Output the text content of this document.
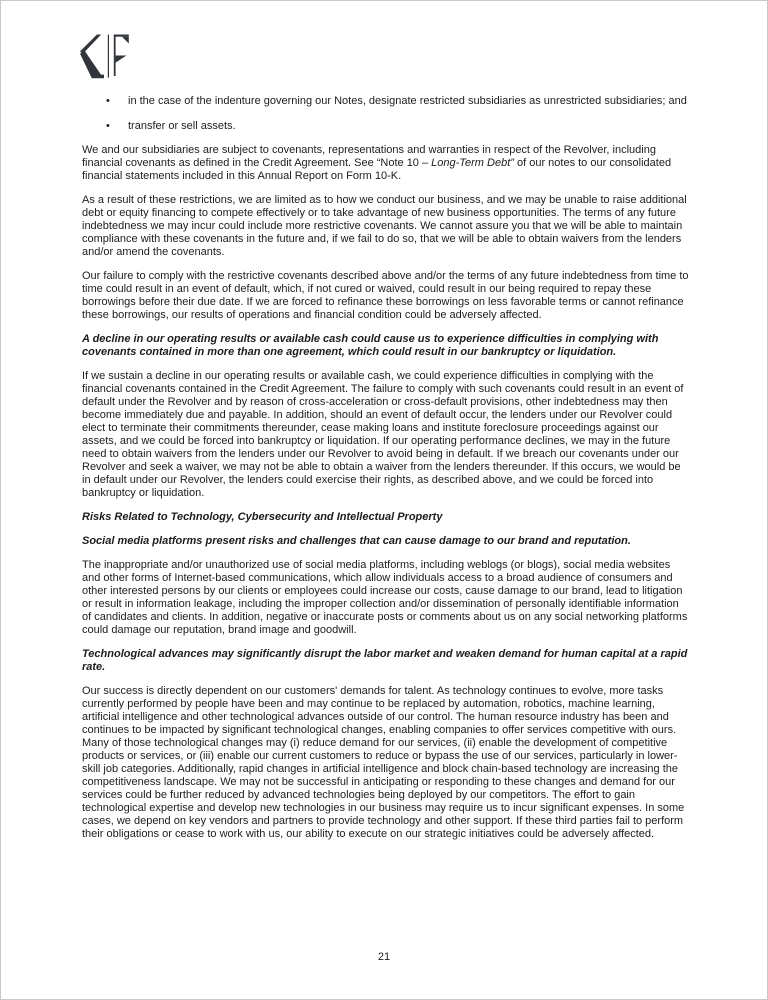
• in the case of the indenture governing our Notes, designate restricted subsidiaries as unrestricted subsidiaries; and
• transfer or sell assets.

We and our subsidiaries are subject to covenants, representations and warranties in respect of the Revolver, including financial covenants as defined in the Credit Agreement. See “Note 10 – Long-Term Debt” of our notes to our consolidated financial statements included in this Annual Report on Form 10-K.

As a result of these restrictions, we are limited as to how we conduct our business, and we may be unable to raise additional debt or equity financing to compete effectively or to take advantage of new business opportunities. The terms of any future indebtedness we may incur could include more restrictive covenants. We cannot assure you that we will be able to maintain compliance with these covenants in the future and, if we fail to do so, that we will be able to obtain waivers from the lenders and/or amend the covenants.

Our failure to comply with the restrictive covenants described above and/or the terms of any future indebtedness from time to time could result in an event of default, which, if not cured or waived, could result in our being required to repay these borrowings before their due date. If we are forced to refinance these borrowings on less favorable terms or cannot refinance these borrowings, our results of operations and financial condition could be adversely affected.

A decline in our operating results or available cash could cause us to experience difficulties in complying with covenants contained in more than one agreement, which could result in our bankruptcy or liquidation.

If we sustain a decline in our operating results or available cash, we could experience difficulties in complying with the financial covenants contained in the Credit Agreement. The failure to comply with such covenants could result in an event of default under the Revolver and by reason of cross-acceleration or cross-default provisions, other indebtedness may then become immediately due and payable. In addition, should an event of default occur, the lenders under our Revolver could elect to terminate their commitments thereunder, cease making loans and institute foreclosure proceedings against our assets, and we could be forced into bankruptcy or liquidation. If our operating performance declines, we may in the future need to obtain waivers from the lenders under our Revolver to avoid being in default. If we breach our covenants under our Revolver and seek a waiver, we may not be able to obtain a waiver from the lenders thereunder. If this occurs, we would be in default under our Revolver, the lenders could exercise their rights, as described above, and we could be forced into bankruptcy or liquidation.

Risks Related to Technology, Cybersecurity and Intellectual Property

Social media platforms present risks and challenges that can cause damage to our brand and reputation.

The inappropriate and/or unauthorized use of social media platforms, including weblogs (or blogs), social media websites and other forms of Internet-based communications, which allow individuals access to a broad audience of consumers and other interested persons by our clients or employees could increase our costs, cause damage to our brand, lead to litigation or result in information leakage, including the improper collection and/or dissemination of personally identifiable information of candidates and clients. In addition, negative or inaccurate posts or comments about us on any social networking platforms could damage our reputation, brand image and goodwill.

Technological advances may significantly disrupt the labor market and weaken demand for human capital at a rapid rate.

Our success is directly dependent on our customers' demands for talent. As technology continues to evolve, more tasks currently performed by people have been and may continue to be replaced by automation, robotics, machine learning, artificial intelligence and other technological advances outside of our control. The human resource industry has been and continues to be impacted by significant technological changes, enabling companies to offer services competitive with ours. Many of those technological changes may (i) reduce demand for our services, (ii) enable the development of competitive products or services, or (iii) enable our current customers to reduce or bypass the use of our services, particularly in lower-skill job categories. Additionally, rapid changes in artificial intelligence and block chain-based technology are increasing the competitiveness landscape. We may not be successful in anticipating or responding to these changes and demand for our services could be further reduced by advanced technologies being deployed by our competitors. The effort to gain technological expertise and develop new technologies in our business may require us to incur significant expenses. In some cases, we depend on key vendors and partners to provide technology and other support. If these third parties fail to perform their obligations or cease to work with us, our ability to execute on our strategic initiatives could be adversely affected.

21
